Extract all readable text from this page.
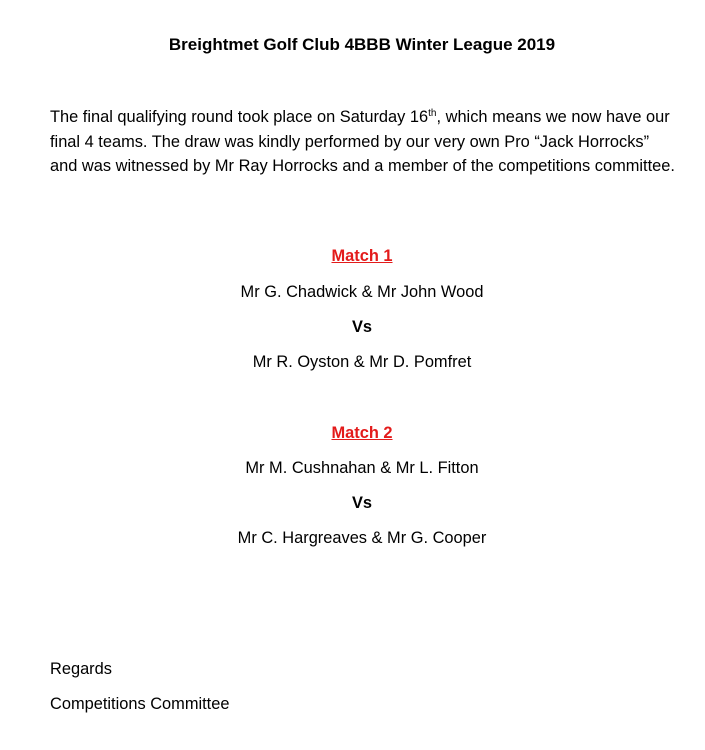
Breightmet Golf Club 4BBB Winter League 2019

The final qualifying round took place on Saturday 16th, which means we now have our final 4 teams. The draw was kindly performed by our very own Pro “Jack Horrocks” and was witnessed by Mr Ray Horrocks and a member of the competitions committee.

Match 1
Mr G. Chadwick & Mr John Wood
Vs
Mr R. Oyston & Mr D. Pomfret
Match 2
Mr M. Cushnahan & Mr L. Fitton
Vs
Mr C. Hargreaves & Mr G. Cooper
Regards
Competitions Committee
